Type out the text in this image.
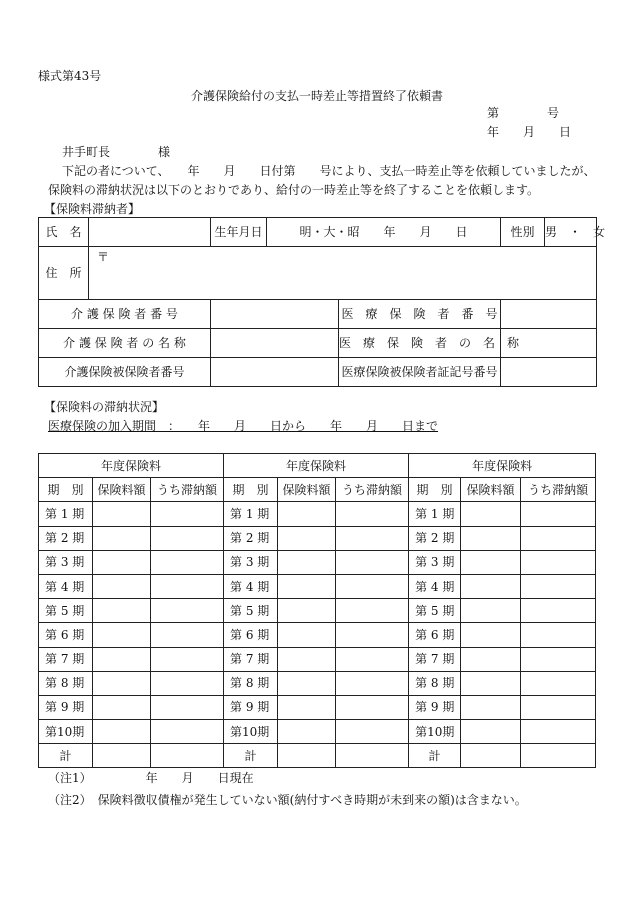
様式第43号
介護保険給付の支払一時差止等措置終了依頼書
第　　　　号
年　　月　　日
井手町長　　　　様
下記の者について、　　年　　月　　日付第　　号により、支払一時差止等を依頼していましたが、
保険料の滞納状況は以下のとおりであり、給付の一時差止等を終了することを依頼します。
【保険料滞納者】
氏　名		生年月日	明・大・昭　　年　　月　　日		性別	男　・　女
住　所	〒					

介 護 保 険 者 番 号				医　療　保　険　者　番　号		
介 護 保 険 者 の 名 称				医　療　保　険　者　の　名　称		
介護保険被保険者番号				医療保険被保険者証記号番号		
【保険料の滞納状況】
医療保険の加入期間　：　　年　　月　　日から　　年　　月　　日まで
年度保険料			年度保険料			年度保険料		
期　別	保険料額	うち滞納額	期　別	保険料額	うち滞納額	期　別	保険料額	うち滞納額
第 1 期			第 1 期			第 1 期		
第 2 期			第 2 期			第 2 期		
第 3 期			第 3 期			第 3 期		
第 4 期			第 4 期			第 4 期		
第 5 期			第 5 期			第 5 期		
第 6 期			第 6 期			第 6 期		
第 7 期			第 7 期			第 7 期		
第 8 期			第 8 期			第 8 期		
第 9 期			第 9 期			第 9 期		
第10期			第10期			第10期		
計			計			計		
（注1）　　　　　年　　月　　日現在
（注2）　保険料徴収債権が発生していない額(納付すべき時期が未到来の額)は含まない。
